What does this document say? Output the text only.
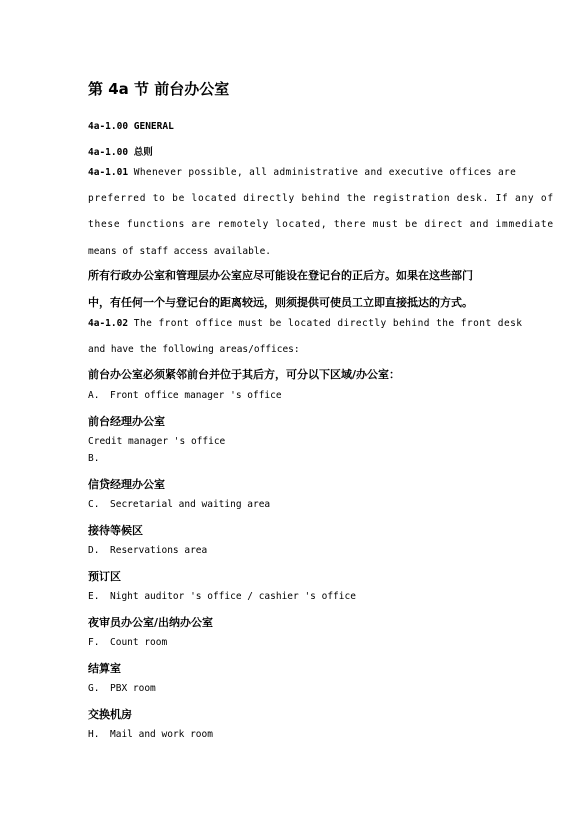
第 4a 节 前台办公室
4a-1.00 GENERAL
4a-1.00 总则
4a-1.01 Whenever possible, all administrative and executive offices are
preferred to be located directly behind the registration desk. If any of
these functions are remotely located, there must be direct and immediate
means of staff access available.
所有行政办公室和管理层办公室应尽可能设在登记台的正后方。如果在这些部门
中，有任何一个与登记台的距离较远，则须提供可使员工立即直接抵达的方式。
4a-1.02 The front office must be located directly behind the front desk
and have the following areas/offices:
前台办公室必须紧邻前台并位于其后方，可分以下区域/办公室：
A. Front office manager 's office
前台经理办公室
Credit manager 's office
B.
信贷经理办公室
C. Secretarial and waiting area
接待等候区
D. Reservations area
预订区
E. Night auditor 's office / cashier 's office
夜审员办公室/出纳办公室
F. Count room
结算室
G. PBX room
交换机房
H. Mail and work room
